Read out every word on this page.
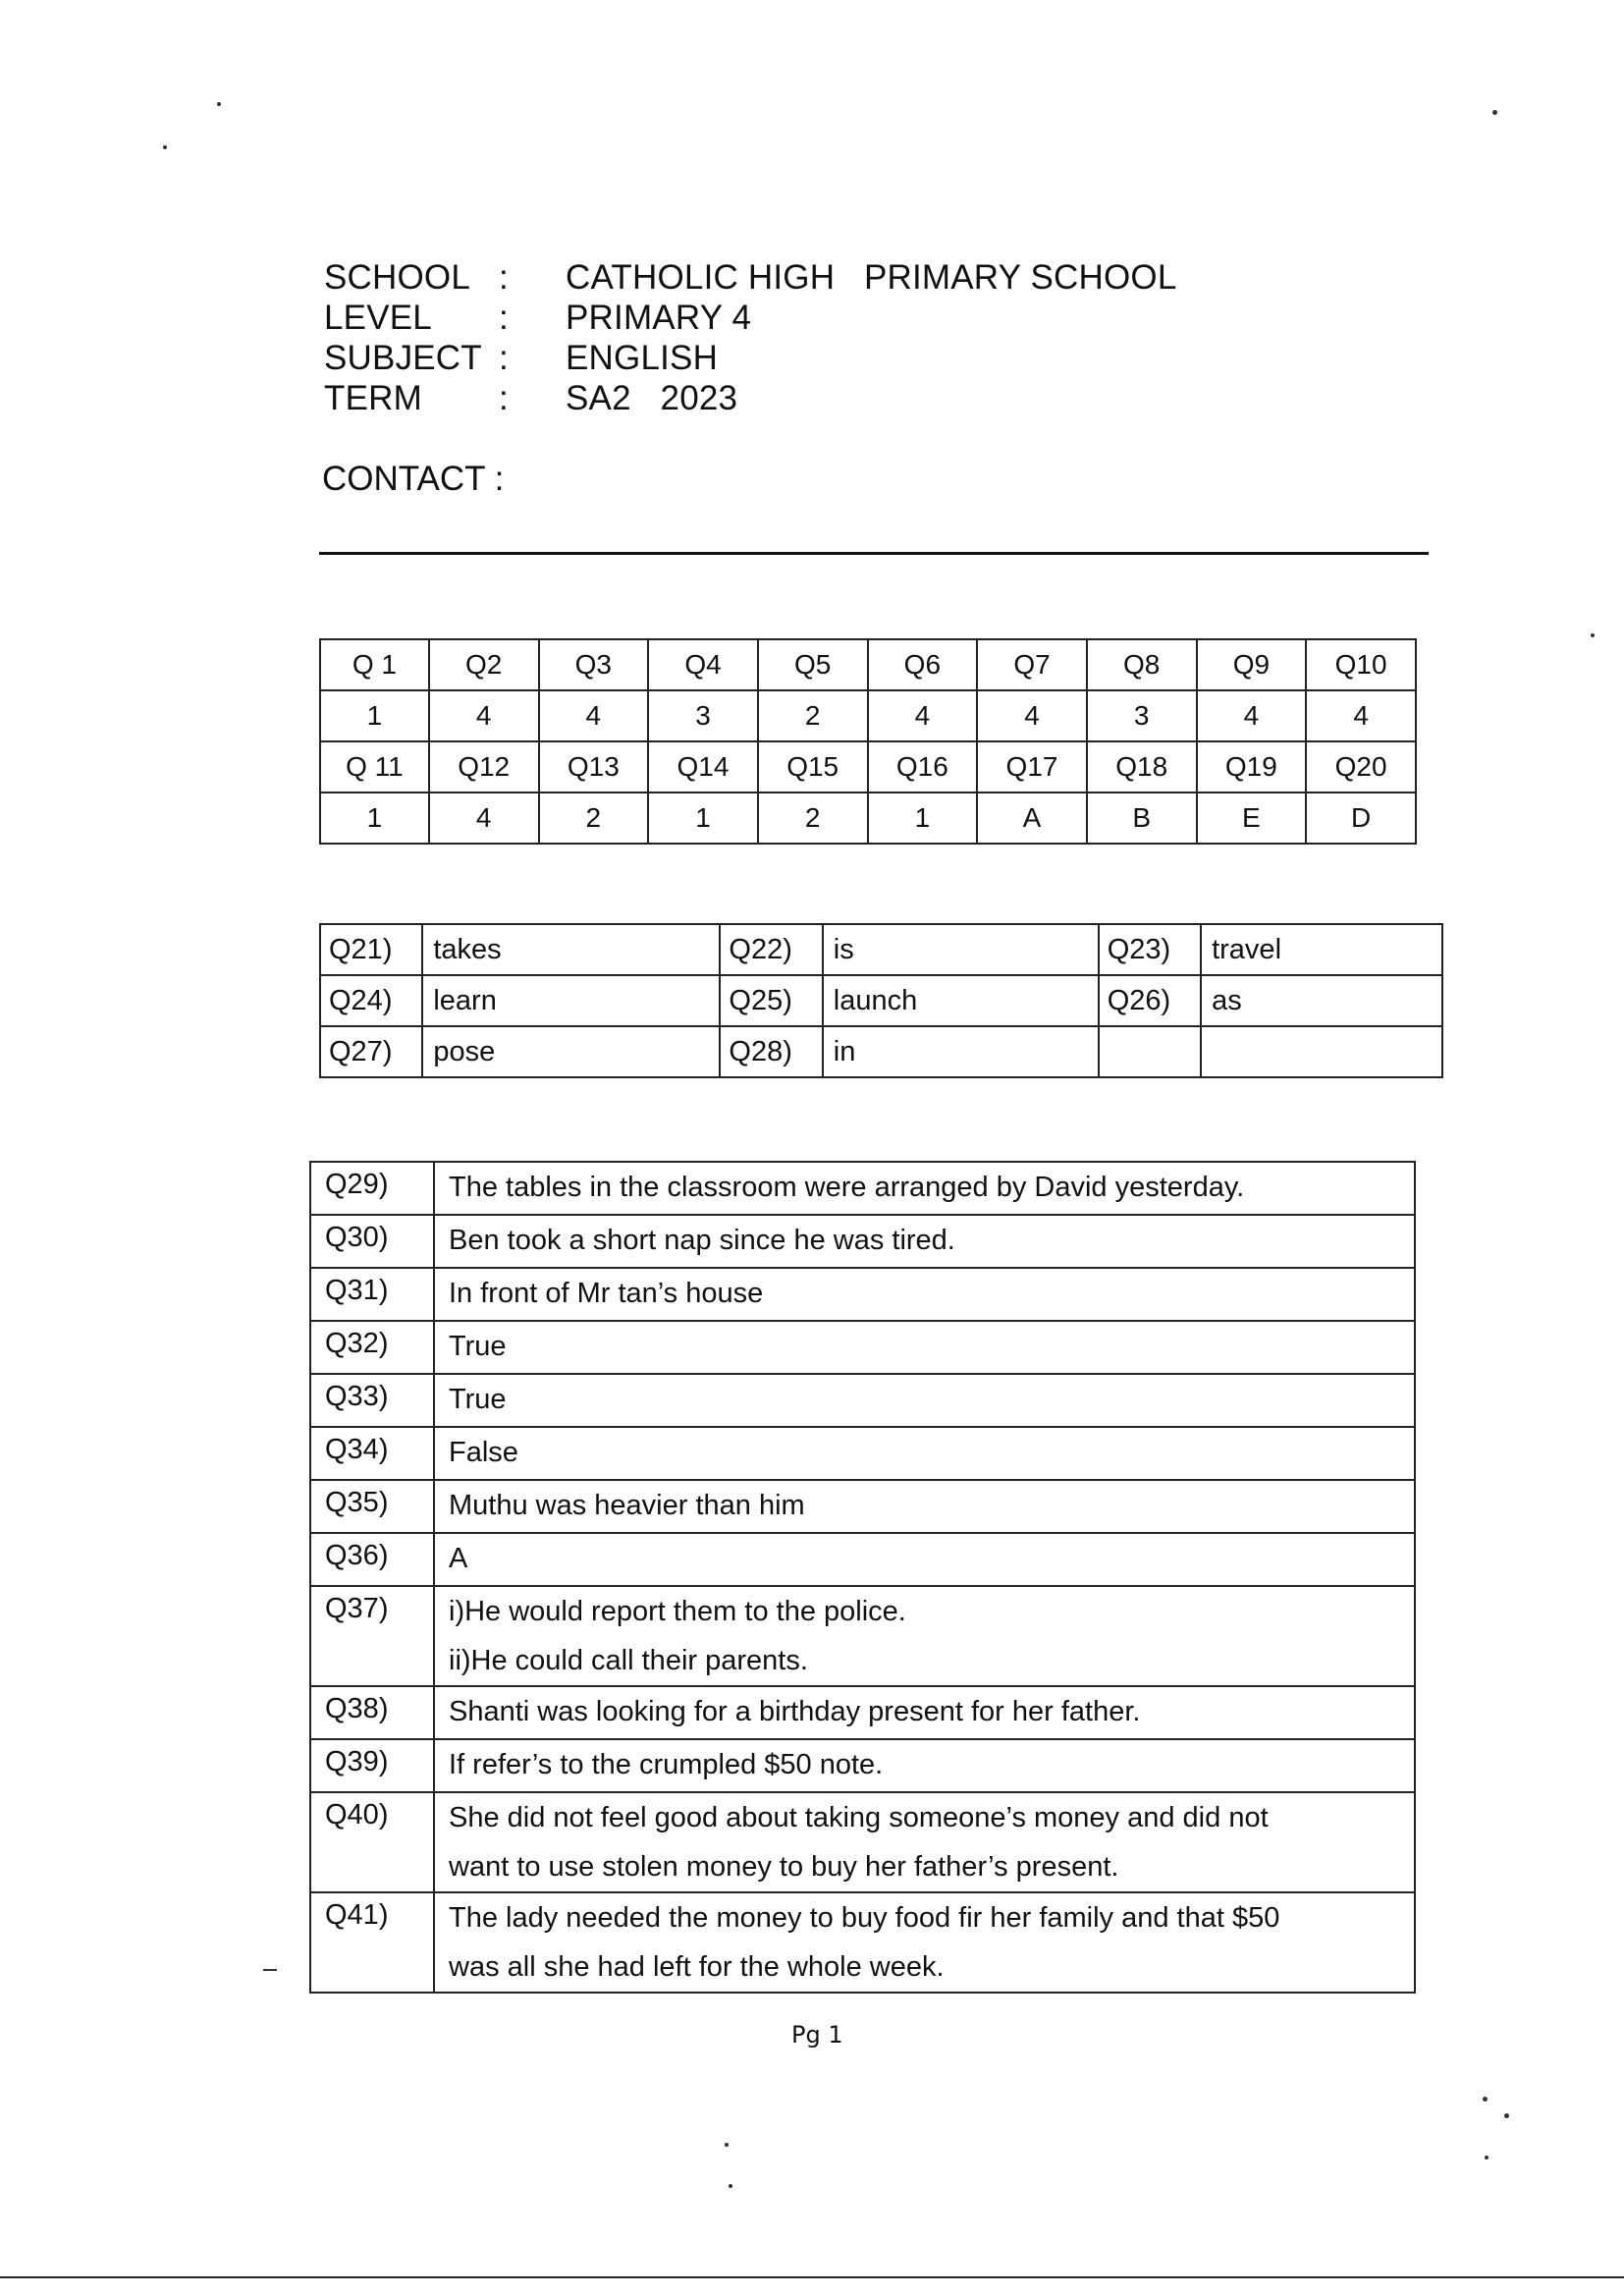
SCHOOL :	CATHOLIC HIGH   PRIMARY SCHOOL
LEVEL	:	PRIMARY 4
SUBJECT :	ENGLISH
TERM	:	SA2   2023
CONTACT :
Q 1	Q2	Q3	Q4	Q5	Q6	Q7	Q8	Q9	Q10
1	4	4	3	2	4	4	3	4	4
Q 11	Q12	Q13	Q14	Q15	Q16	Q17	Q18	Q19	Q20
1	4	2	1	2	1	A	B	E	D
Q21)	takes	Q22)	is	Q23)	travel
Q24)	learn	Q25)	launch	Q26)	as
Q27)	pose	Q28)	in		
Q29)	The tables in the classroom were arranged by David yesterday.

Q30)	Ben took a short nap since he was tired.

Q31)	In front of Mr tan’s house

Q32)	True

Q33)	True

Q34)	False

Q35)	Muthu was heavier than him

Q36)	A

Q37)	i)He would report them to the police.
ii)He could call their parents.

Q38)	Shanti was looking for a birthday present for her father.

Q39)	If refer’s to the crumpled $50 note.

Q40)	She did not feel good about taking someone’s money and did not
want to use stolen money to buy her father’s present.

Q41)	The lady needed the money to buy food fir her family and that $50
was all she had left for the whole week.
Pg 1
